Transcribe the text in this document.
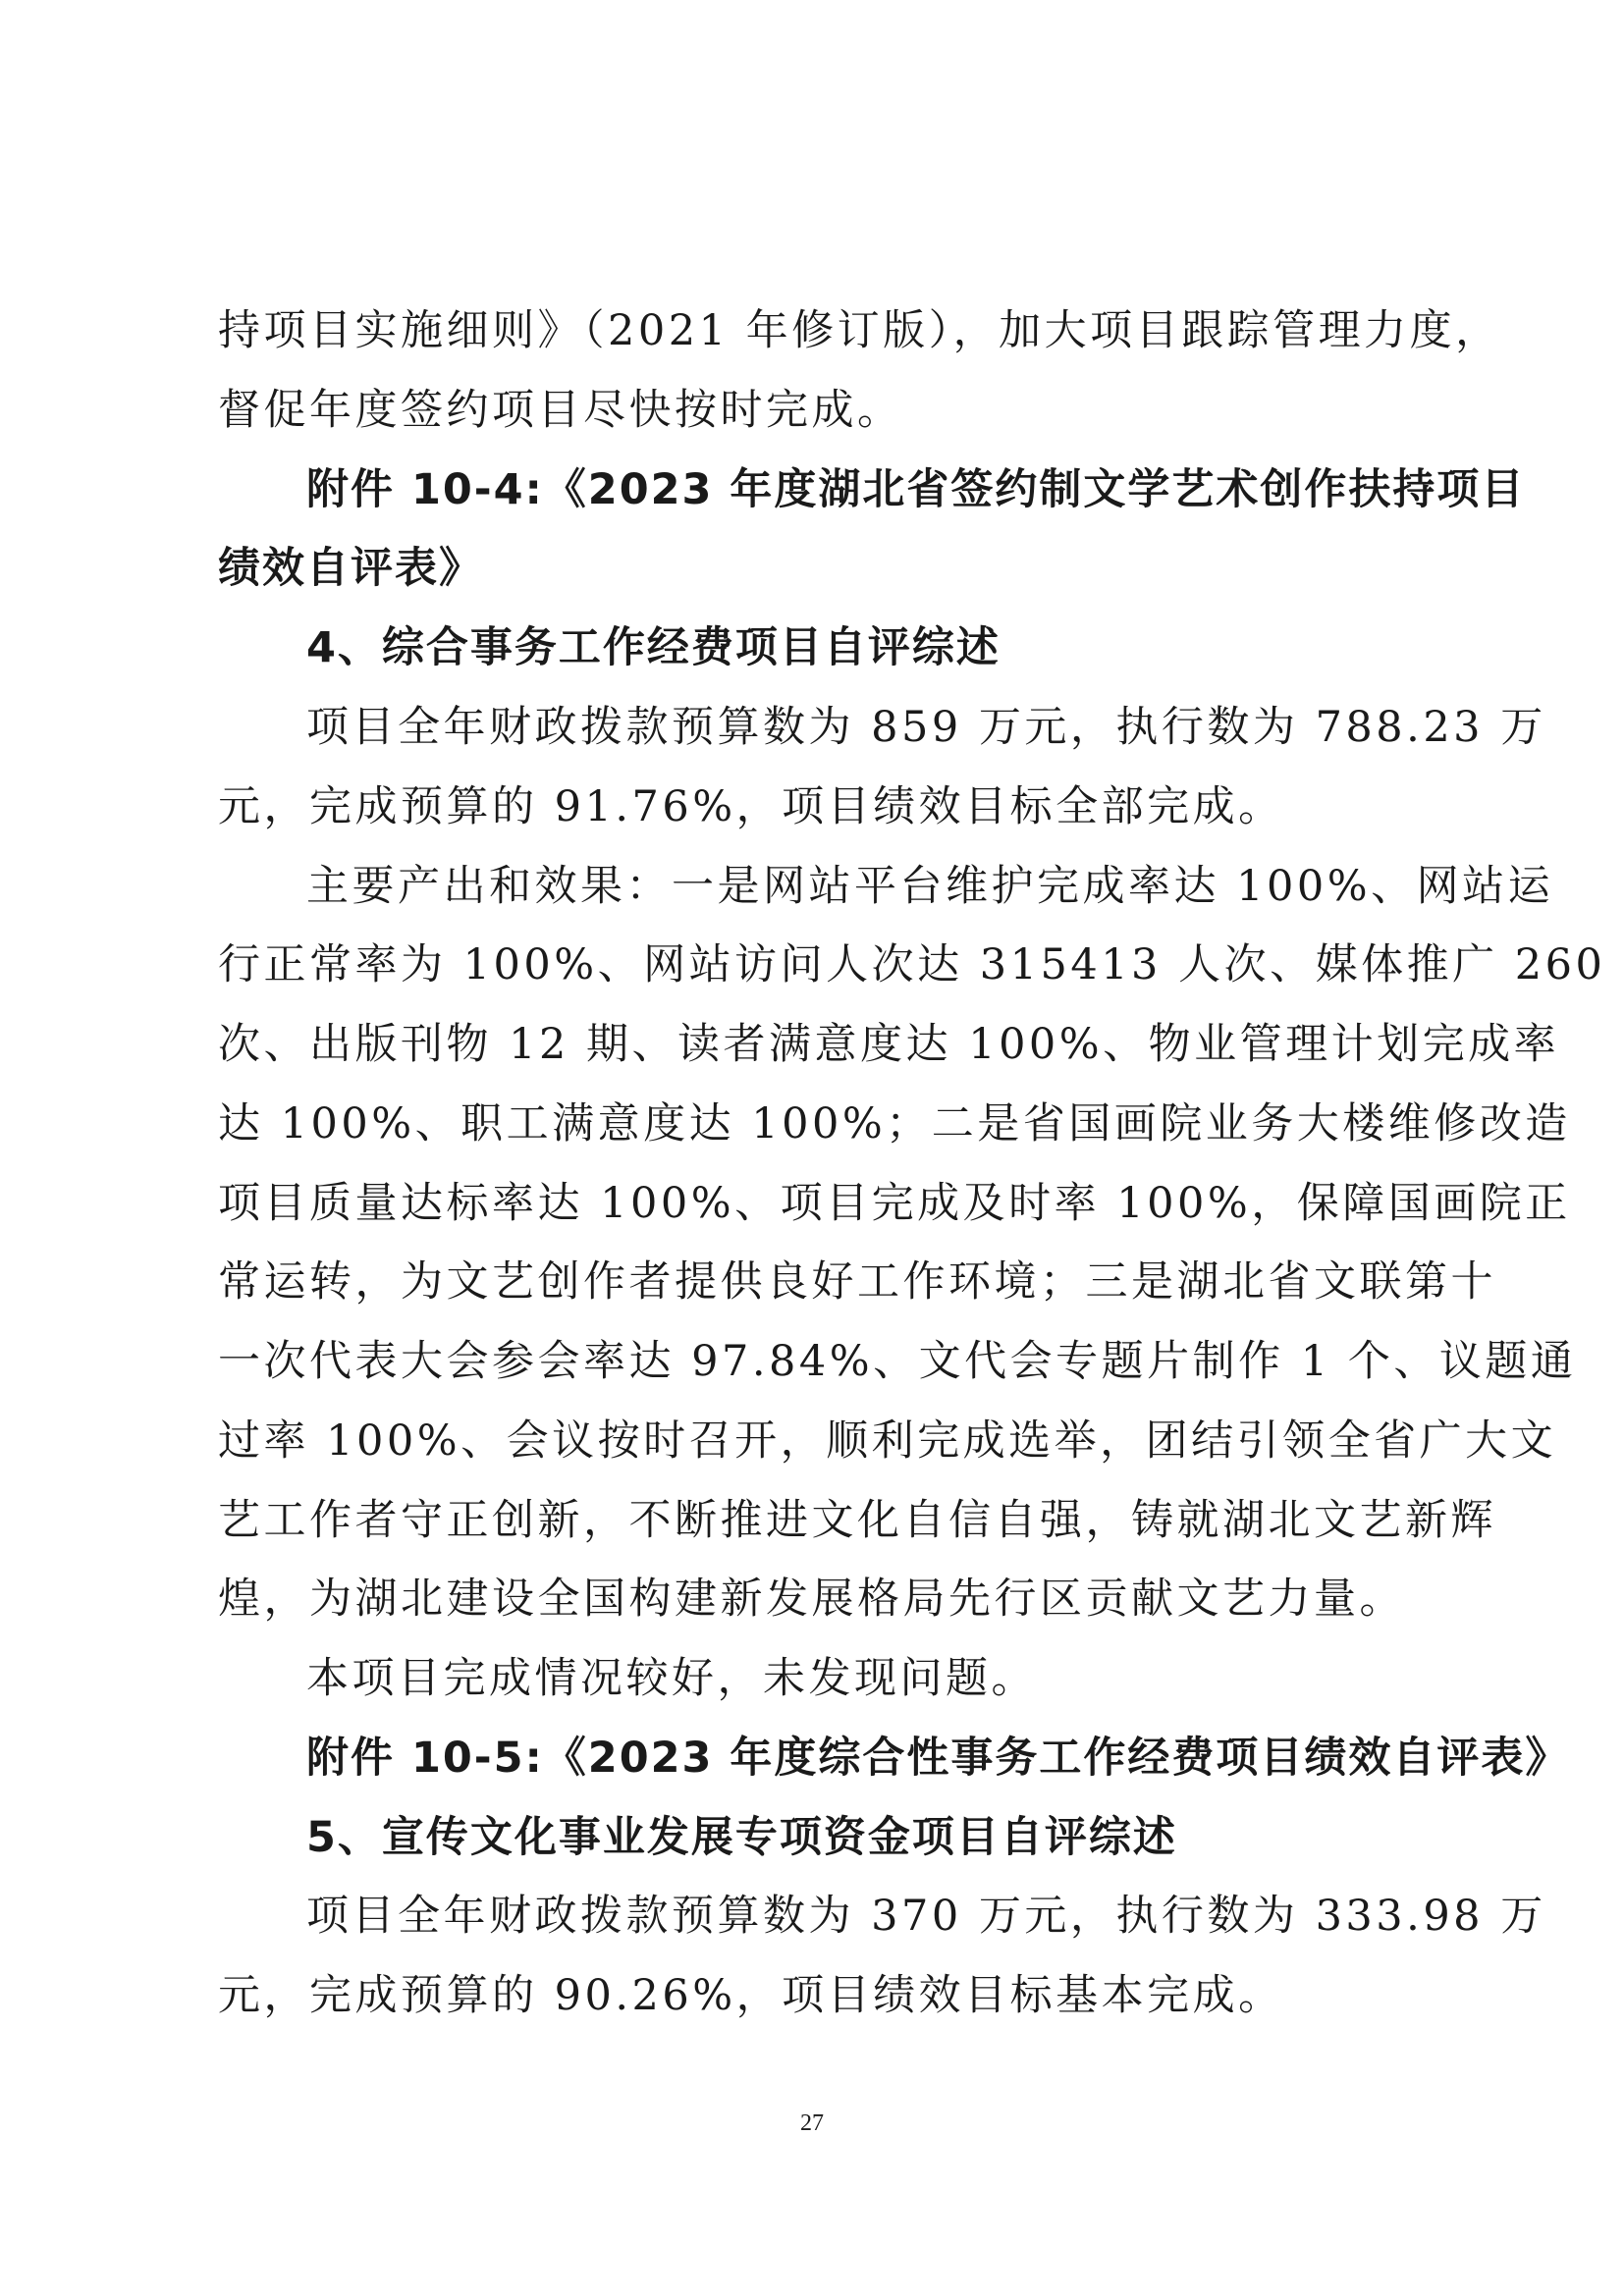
持项目实施细则》（2021 年修订版），加大项目跟踪管理力度，
督促年度签约项目尽快按时完成。
附件 10-4:《2023 年度湖北省签约制文学艺术创作扶持项目
绩效自评表》
4、综合事务工作经费项目自评综述
项目全年财政拨款预算数为 859 万元，执行数为 788.23 万
元，完成预算的 91.76%，项目绩效目标全部完成。
主要产出和效果：一是网站平台维护完成率达 100%、网站运
行正常率为 100%、网站访问人次达 315413 人次、媒体推广 260
次、出版刊物 12 期、读者满意度达 100%、物业管理计划完成率
达 100%、职工满意度达 100%；二是省国画院业务大楼维修改造
项目质量达标率达 100%、项目完成及时率 100%，保障国画院正
常运转，为文艺创作者提供良好工作环境；三是湖北省文联第十
一次代表大会参会率达 97.84%、文代会专题片制作 1 个、议题通
过率 100%、会议按时召开，顺利完成选举，团结引领全省广大文
艺工作者守正创新，不断推进文化自信自强，铸就湖北文艺新辉
煌，为湖北建设全国构建新发展格局先行区贡献文艺力量。
本项目完成情况较好，未发现问题。
附件 10-5:《2023 年度综合性事务工作经费项目绩效自评表》
5、宣传文化事业发展专项资金项目自评综述
项目全年财政拨款预算数为 370 万元，执行数为 333.98 万
元，完成预算的 90.26%，项目绩效目标基本完成。
27
